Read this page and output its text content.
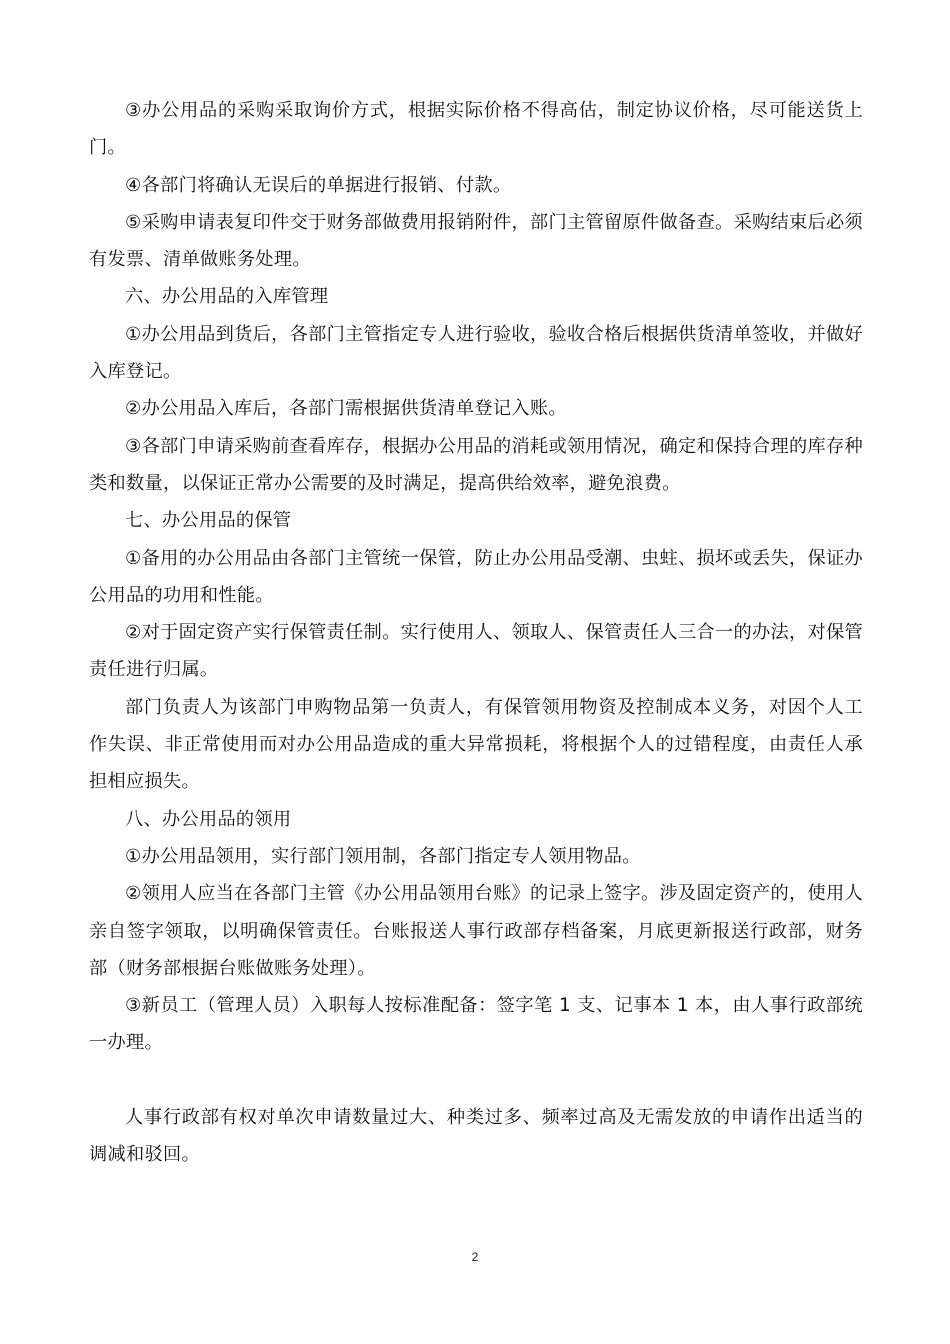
③办公用品的采购采取询价方式，根据实际价格不得高估，制定协议价格，尽可能送货上门。

④各部门将确认无误后的单据进行报销、付款。

⑤采购申请表复印件交于财务部做费用报销附件，部门主管留原件做备查。采购结束后必须有发票、清单做账务处理。

六、办公用品的入库管理

①办公用品到货后，各部门主管指定专人进行验收，验收合格后根据供货清单签收，并做好入库登记。

②办公用品入库后，各部门需根据供货清单登记入账。

③各部门申请采购前查看库存，根据办公用品的消耗或领用情况，确定和保持合理的库存种类和数量，以保证正常办公需要的及时满足，提高供给效率，避免浪费。

七、办公用品的保管

①备用的办公用品由各部门主管统一保管，防止办公用品受潮、虫蛀、损坏或丢失，保证办公用品的功用和性能。

②对于固定资产实行保管责任制。实行使用人、领取人、保管责任人三合一的办法，对保管责任进行归属。

部门负责人为该部门申购物品第一负责人，有保管领用物资及控制成本义务，对因个人工作失误、非正常使用而对办公用品造成的重大异常损耗，将根据个人的过错程度，由责任人承担相应损失。

八、办公用品的领用

①办公用品领用，实行部门领用制，各部门指定专人领用物品。

②领用人应当在各部门主管《办公用品领用台账》的记录上签字。涉及固定资产的，使用人亲自签字领取，以明确保管责任。台账报送人事行政部存档备案，月底更新报送行政部，财务部（财务部根据台账做账务处理）。

③新员工（管理人员）入职每人按标准配备：签字笔 1 支、记事本 1 本，由人事行政部统一办理。

人事行政部有权对单次申请数量过大、种类过多、频率过高及无需发放的申请作出适当的调减和驳回。

2
